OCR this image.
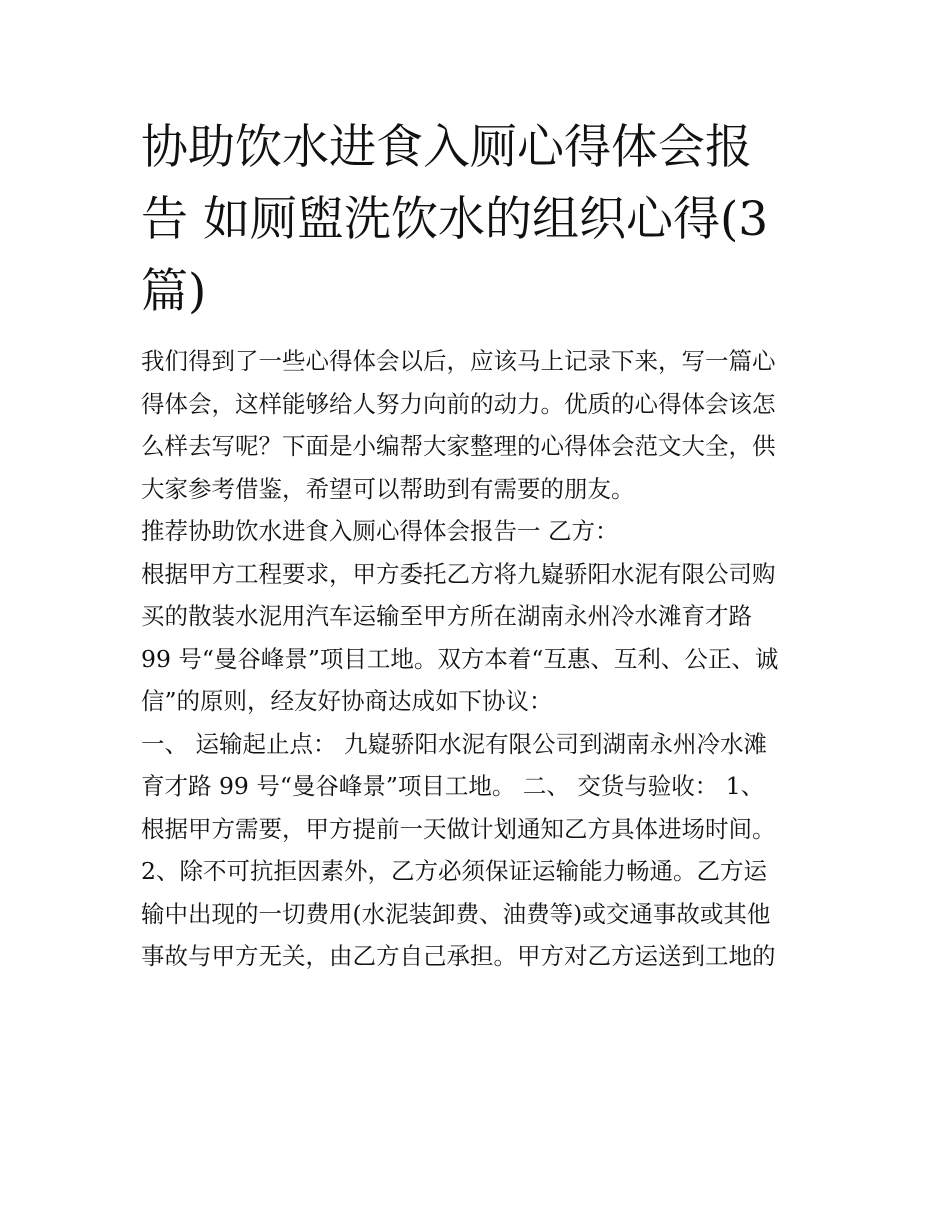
协助饮水进食入厕心得体会报
告 如厕盥洗饮水的组织心得(3
篇)
我们得到了一些心得体会以后，应该马上记录下来，写一篇心
得体会，这样能够给人努力向前的动力。优质的心得体会该怎
么样去写呢？下面是小编帮大家整理的心得体会范文大全，供
大家参考借鉴，希望可以帮助到有需要的朋友。
推荐协助饮水进食入厕心得体会报告一 乙方：
根据甲方工程要求，甲方委托乙方将九嶷骄阳水泥有限公司购
买的散装水泥用汽车运输至甲方所在湖南永州冷水滩育才路
99 号“曼谷峰景”项目工地。双方本着“互惠、互利、公正、诚
信”的原则，经友好协商达成如下协议：
一、 运输起止点： 九嶷骄阳水泥有限公司到湖南永州冷水滩
育才路 99 号“曼谷峰景”项目工地。 二、 交货与验收： 1、
根据甲方需要，甲方提前一天做计划通知乙方具体进场时间。
2、除不可抗拒因素外，乙方必须保证运输能力畅通。乙方运
输中出现的一切费用(水泥装卸费、油费等)或交通事故或其他
事故与甲方无关，由乙方自己承担。甲方对乙方运送到工地的
